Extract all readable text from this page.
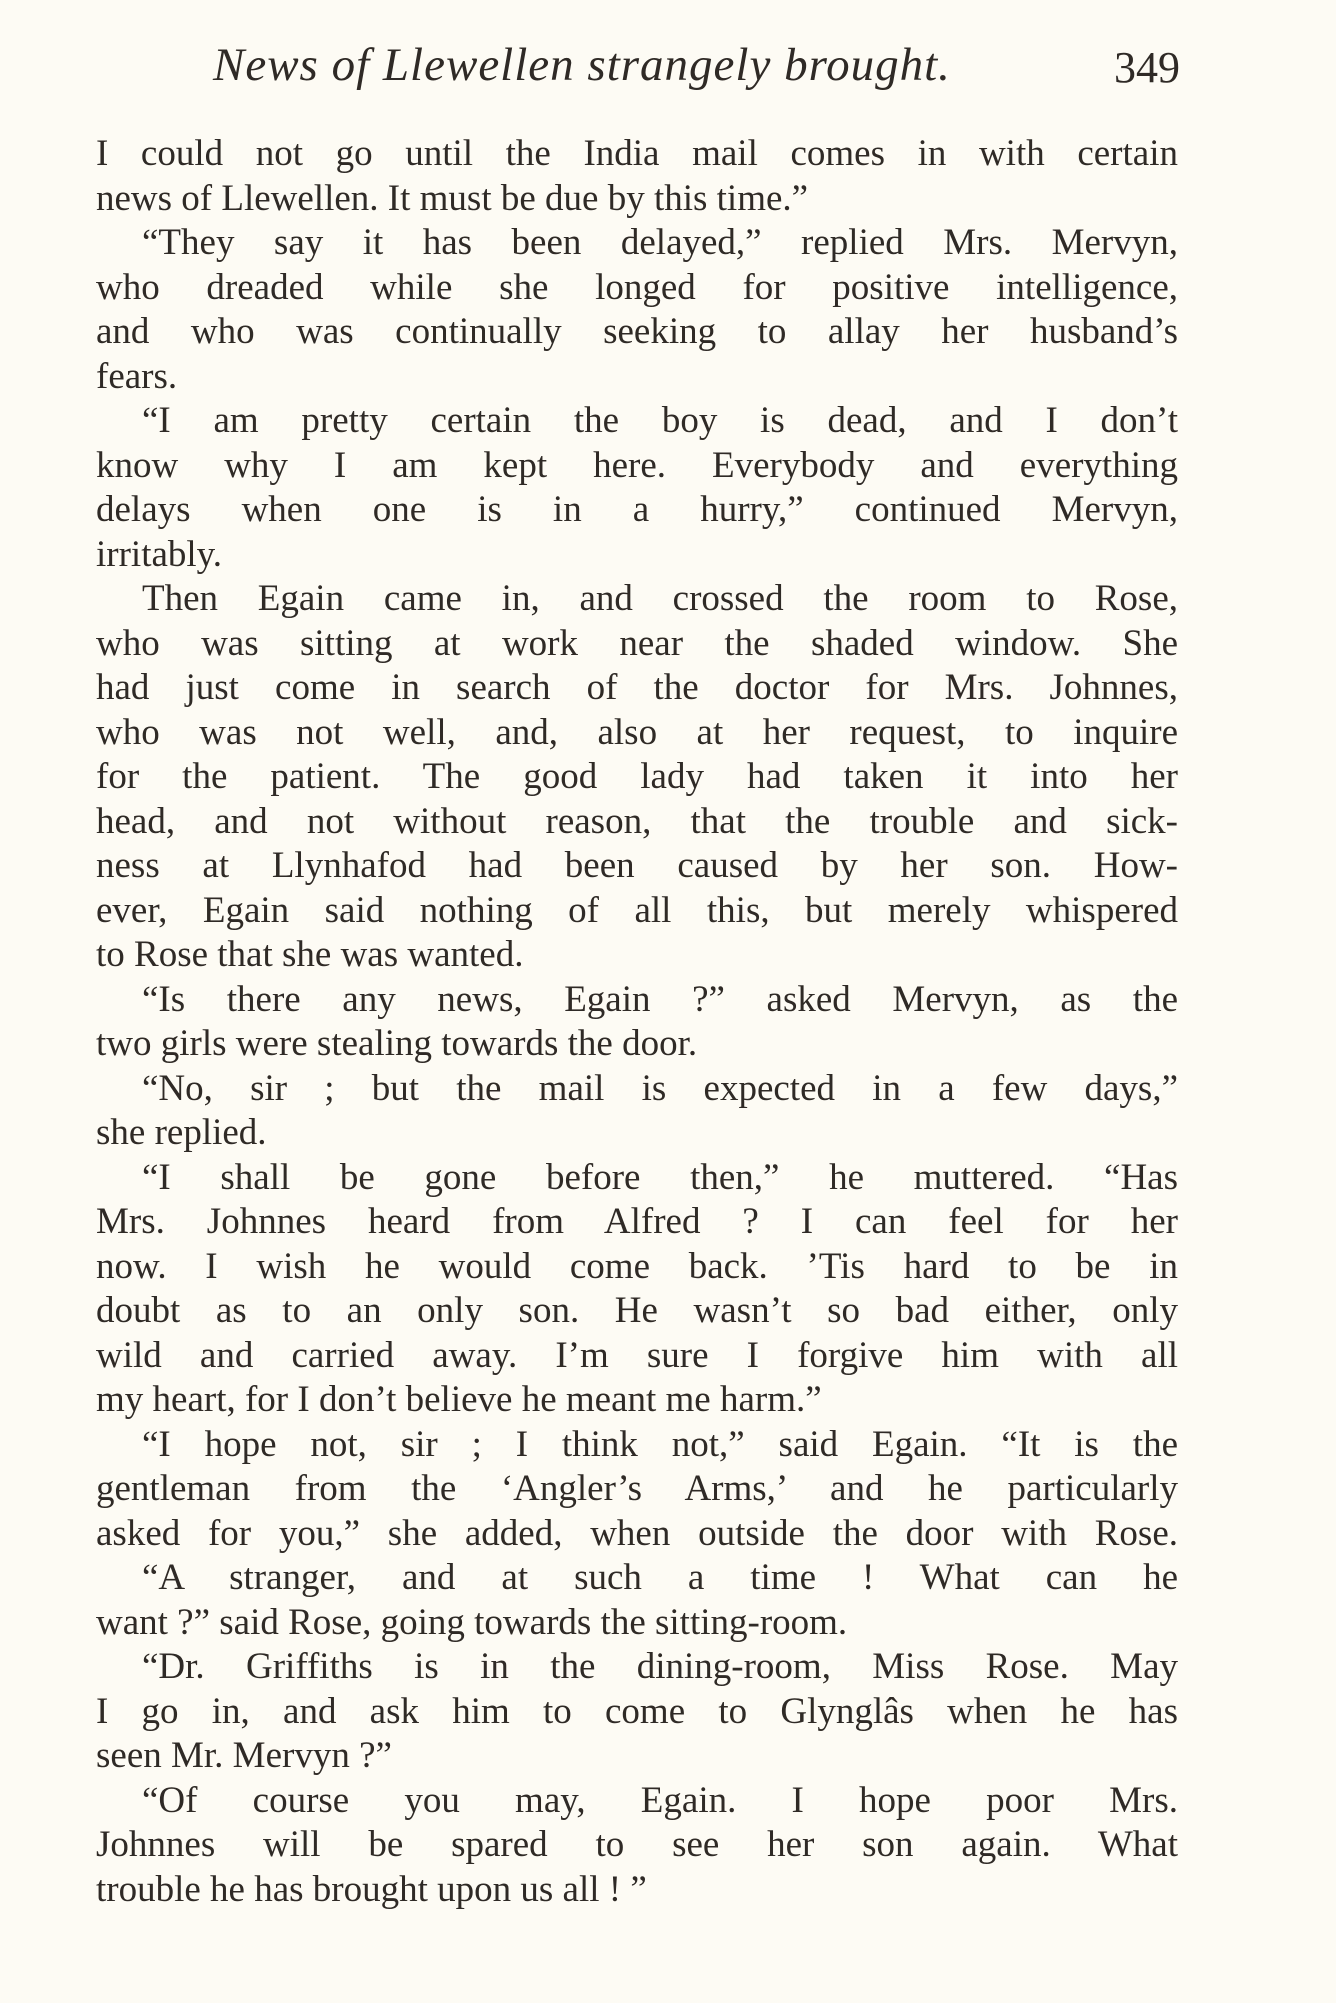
News of Llewellen strangely brought.	349
I could not go until the India mail comes in with certain
news of Llewellen. It must be due by this time.”
“They say it has been delayed,” replied Mrs. Mervyn,
who dreaded while she longed for positive intelligence,
and who was continually seeking to allay her husband’s
fears.
“I am pretty certain the boy is dead, and I don’t
know why I am kept here. Everybody and everything
delays when one is in a hurry,” continued Mervyn,
irritably.
Then Egain came in, and crossed the room to Rose,
who was sitting at work near the shaded window. She
had just come in search of the doctor for Mrs. Johnnes,
who was not well, and, also at her request, to inquire
for the patient. The good lady had taken it into her
head, and not without reason, that the trouble and sick-
ness at Llynhafod had been caused by her son. How-
ever, Egain said nothing of all this, but merely whispered
to Rose that she was wanted.
“Is there any news, Egain ?” asked Mervyn, as the
two girls were stealing towards the door.
“No, sir ; but the mail is expected in a few days,”
she replied.
“I shall be gone before then,” he muttered. “Has
Mrs. Johnnes heard from Alfred ? I can feel for her
now. I wish he would come back. ’Tis hard to be in
doubt as to an only son. He wasn’t so bad either, only
wild and carried away. I’m sure I forgive him with all
my heart, for I don’t believe he meant me harm.”
“I hope not, sir ; I think not,” said Egain. “It is the
gentleman from the ‘Angler’s Arms,’ and he particularly
asked for you,” she added, when outside the door with Rose.
“A stranger, and at such a time ! What can he
want ?” said Rose, going towards the sitting-room.
“Dr. Griffiths is in the dining-room, Miss Rose. May
I go in, and ask him to come to Glynglâs when he has
seen Mr. Mervyn ?”
“Of course you may, Egain. I hope poor Mrs.
Johnnes will be spared to see her son again. What
trouble he has brought upon us all ! ”
